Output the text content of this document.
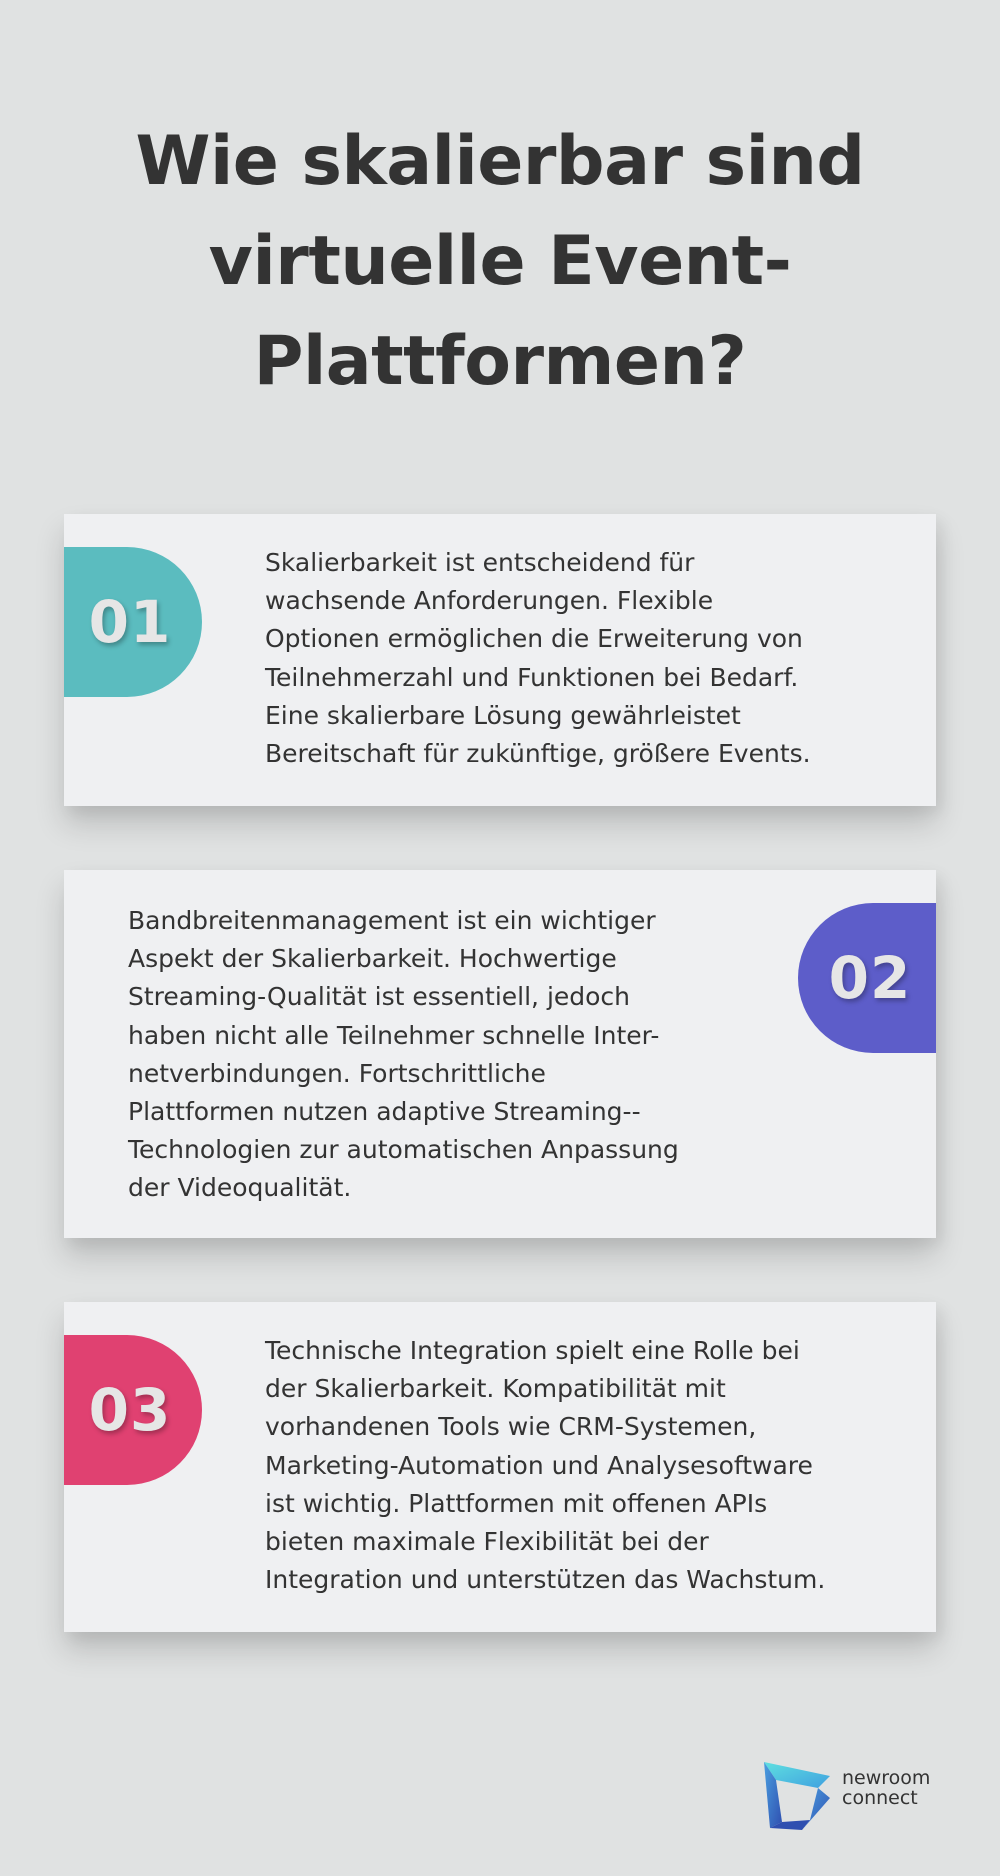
Wie skalierbar sind virtuelle Event-Plattformen?
01

Skalierbarkeit ist entscheidend für
wachsende Anforderungen. Flexible
Optionen ermöglichen die Erweiterung von
Teilnehmerzahl und Funktionen bei Bedarf.
Eine skalierbare Lösung gewährleistet
Bereitschaft für zukünftige, größere Events.

Bandbreitenmanagement ist ein wichtiger
Aspekt der Skalierbarkeit. Hochwertige
Streaming-Qualität ist essentiell, jedoch
haben nicht alle Teilnehmer schnelle Inter-
netverbindungen. Fortschrittliche
Plattformen nutzen adaptive Streaming--
Technologien zur automatischen Anpassung
der Videoqualität.

02
03

Technische Integration spielt eine Rolle bei
der Skalierbarkeit. Kompatibilität mit
vorhandenen Tools wie CRM-Systemen,
Marketing-Automation und Analysesoftware
ist wichtig. Plattformen mit offenen APIs
bieten maximale Flexibilität bei der
Integration und unterstützen das Wachstum.

newroom
connect
